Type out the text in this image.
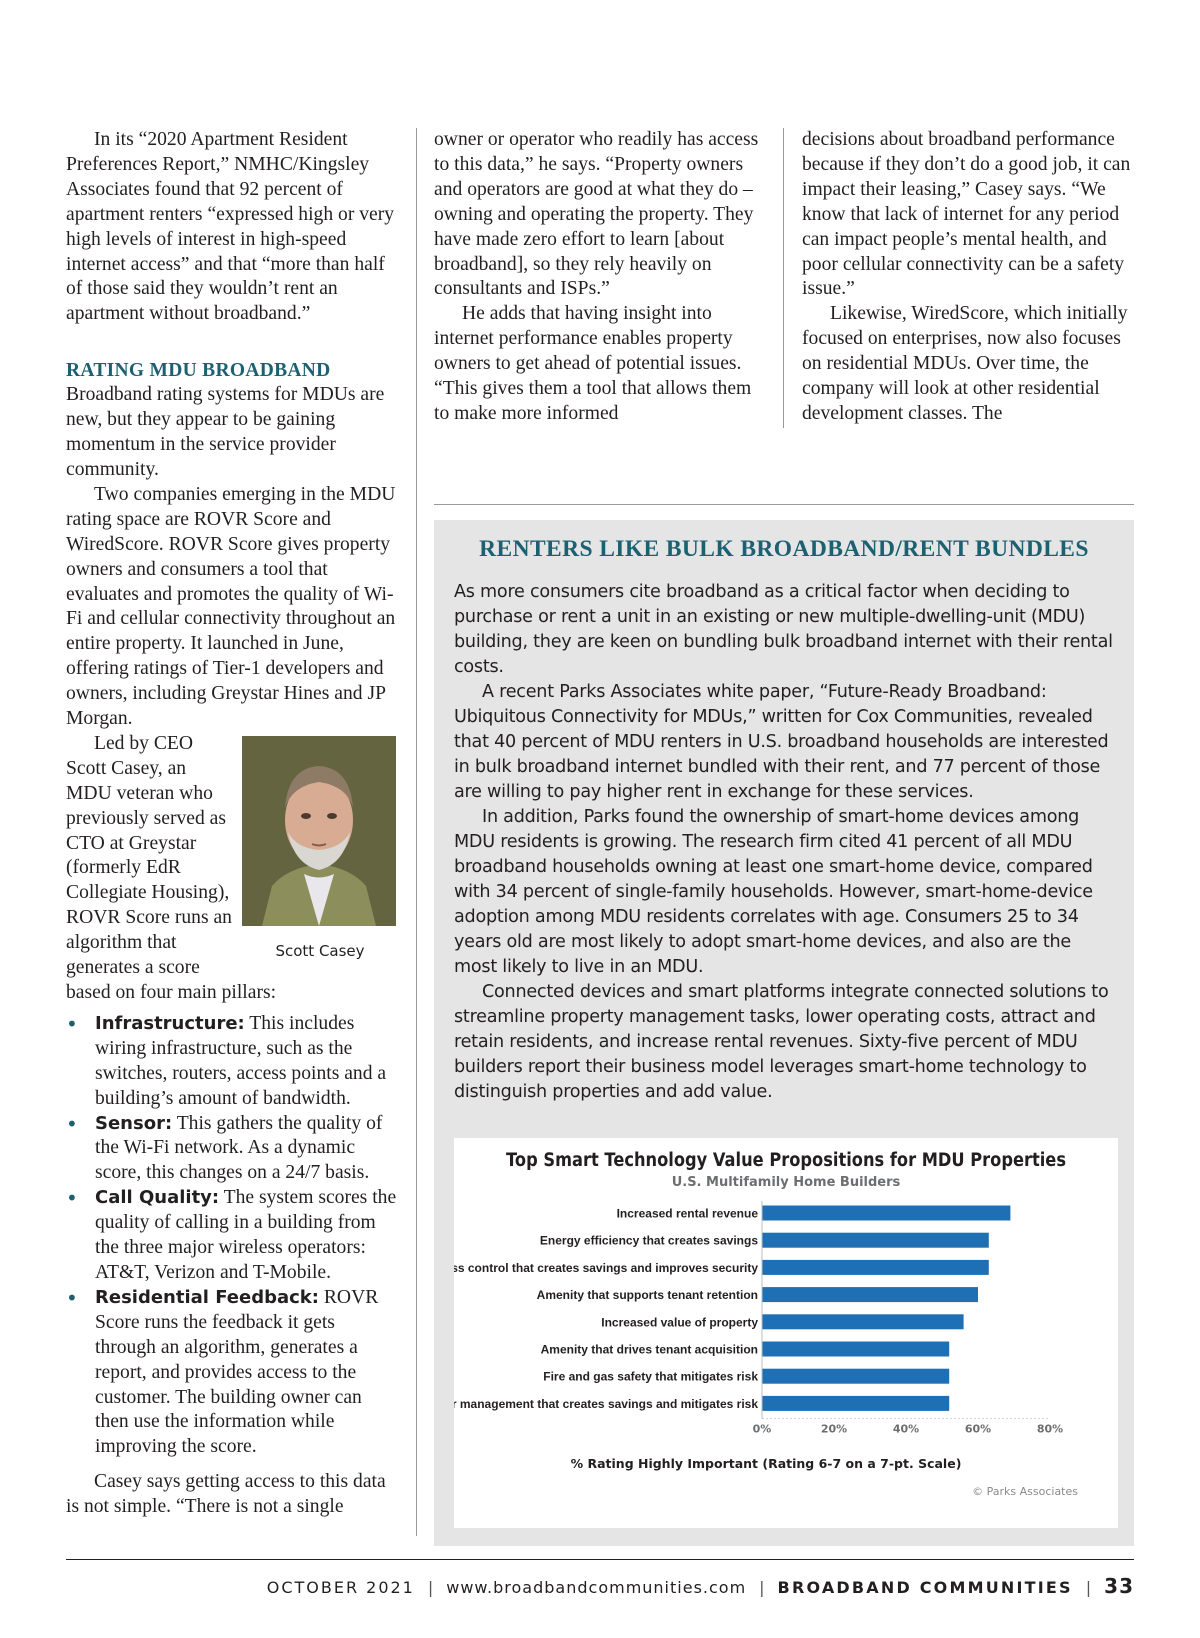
In its “2020 Apartment Resident Preferences Report,” NMHC/Kingsley Associates found that 92 percent of apartment renters “expressed high or very high levels of interest in high-speed internet access” and that “more than half of those said they wouldn’t rent an apartment without broadband.”

RATING MDU BROADBAND

Broadband rating systems for MDUs are new, but they appear to be gaining momentum in the service provider community.

Two companies emerging in the MDU rating space are ROVR Score and WiredScore. ROVR Score gives property owners and consumers a tool that evaluates and promotes the quality of Wi-Fi and cellular connectivity throughout an entire property. It launched in June, offering ratings of Tier-1 developers and owners, including Greystar Hines and JP Morgan.

Scott Casey

Led by CEO Scott Casey, an MDU veteran who previously served as CTO at Greystar (formerly EdR Collegiate Housing), ROVR Score runs an algorithm that generates a score based on four main pillars:

• Infrastructure: This includes wiring infrastructure, such as the switches, routers, access points and a building’s amount of bandwidth.
• Sensor: This gathers the quality of the Wi-Fi network. As a dynamic score, this changes on a 24/7 basis.
• Call Quality: The system scores the quality of calling in a building from the three major wireless operators: AT&T, Verizon and T-Mobile.
• Residential Feedback: ROVR Score runs the feedback it gets through an algorithm, generates a report, and provides access to the customer. The building owner can then use the information while improving the score.

Casey says getting access to this data is not simple. “There is not a single

owner or operator who readily has access to this data,” he says. “Property owners and operators are good at what they do – owning and operating the property. They have made zero effort to learn [about broadband], so they rely heavily on consultants and ISPs.”

He adds that having insight into internet performance enables property owners to get ahead of potential issues. “This gives them a tool that allows them to make more informed

decisions about broadband performance because if they don’t do a good job, it can impact their leasing,” Casey says. “We know that lack of internet for any period can impact people’s mental health, and poor cellular connectivity can be a safety issue.”

Likewise, WiredScore, which initially focused on enterprises, now also focuses on residential MDUs. Over time, the company will look at other residential development classes. The

RENTERS LIKE BULK BROADBAND/RENT BUNDLES

As more consumers cite broadband as a critical factor when deciding to purchase or rent a unit in an existing or new multiple-dwelling-unit (MDU) building, they are keen on bundling bulk broadband internet with their rental costs.

A recent Parks Associates white paper, “Future-Ready Broadband: Ubiquitous Connectivity for MDUs,” written for Cox Communities, revealed that 40 percent of MDU renters in U.S. broadband households are interested in bulk broadband internet bundled with their rent, and 77 percent of those are willing to pay higher rent in exchange for these services.

In addition, Parks found the ownership of smart-home devices among MDU residents is growing. The research firm cited 41 percent of all MDU broadband households owning at least one smart-home device, compared with 34 percent of single-family households. However, smart-home-device adoption among MDU residents correlates with age. Consumers 25 to 34 years old are most likely to adopt smart-home devices, and also are the most likely to live in an MDU.

Connected devices and smart platforms integrate connected solutions to streamline property management tasks, lower operating costs, attract and retain residents, and increase rental revenues. Sixty-five percent of MDU builders report their business model leverages smart-home technology to distinguish properties and add value.

Top Smart Technology Value Propositions for MDU Properties
U.S. Multifamily Home Builders
Increased rental revenue
Energy efficiency that creates savings
Access control that creates savings and improves security
Amenity that supports tenant retention
Increased value of property
Amenity that drives tenant acquisition
Fire and gas safety that mitigates risk
Water management that creates savings and mitigates risk
0%	20%	40%	60%	80%
% Rating Highly Important (Rating 6-7 on a 7-pt. Scale)
© Parks Associates
OCTOBER 2021 | www.broadbandcommunities.com | BROADBAND COMMUNITIES | 33
